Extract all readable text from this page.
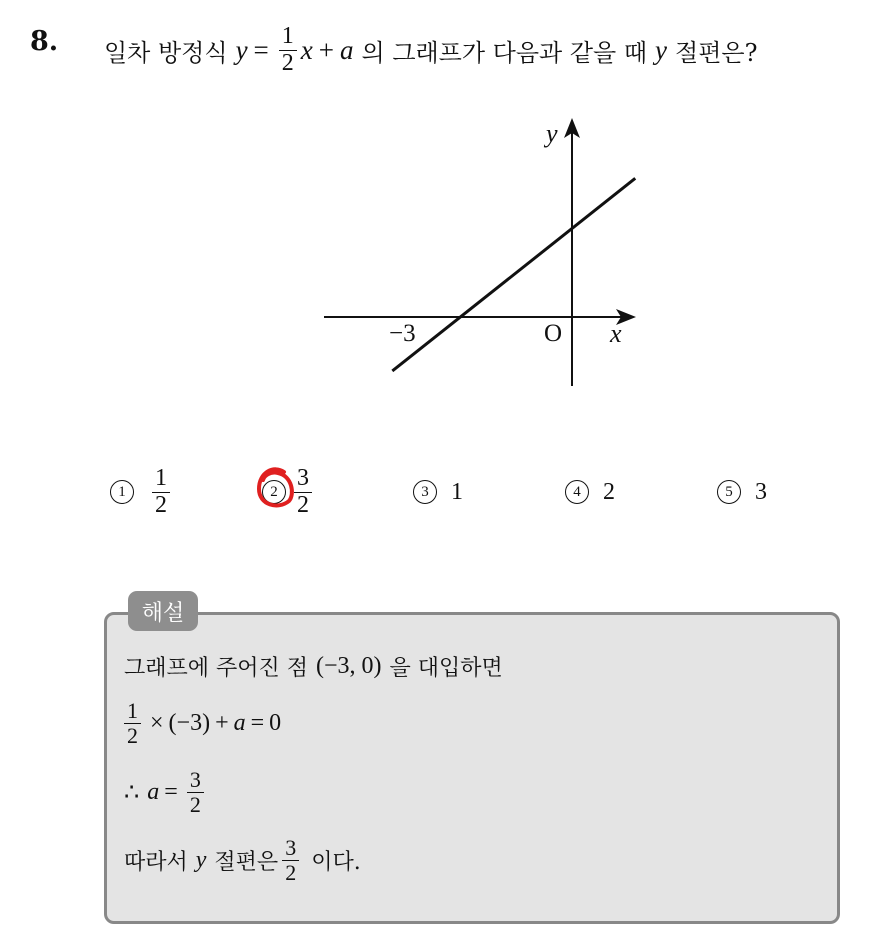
8. 일차 방정식 $y = \frac{1}{2}$ x + a 의 그래프가 다음과 같을 때 y 절편은?
y
x
O
−3
1	$\frac{1}{2}$	$2 \frac{3}{2}$	3 1	4 2	5 3
해설
그래프에 주어진 점 (−3, 0) 을 대입하면
$\frac{1}{2} \times (-3) + a = 0$
∴ $a = \frac{3}{2}$
따라서 y 절편은 $\frac{3}{2}$ 이다.
